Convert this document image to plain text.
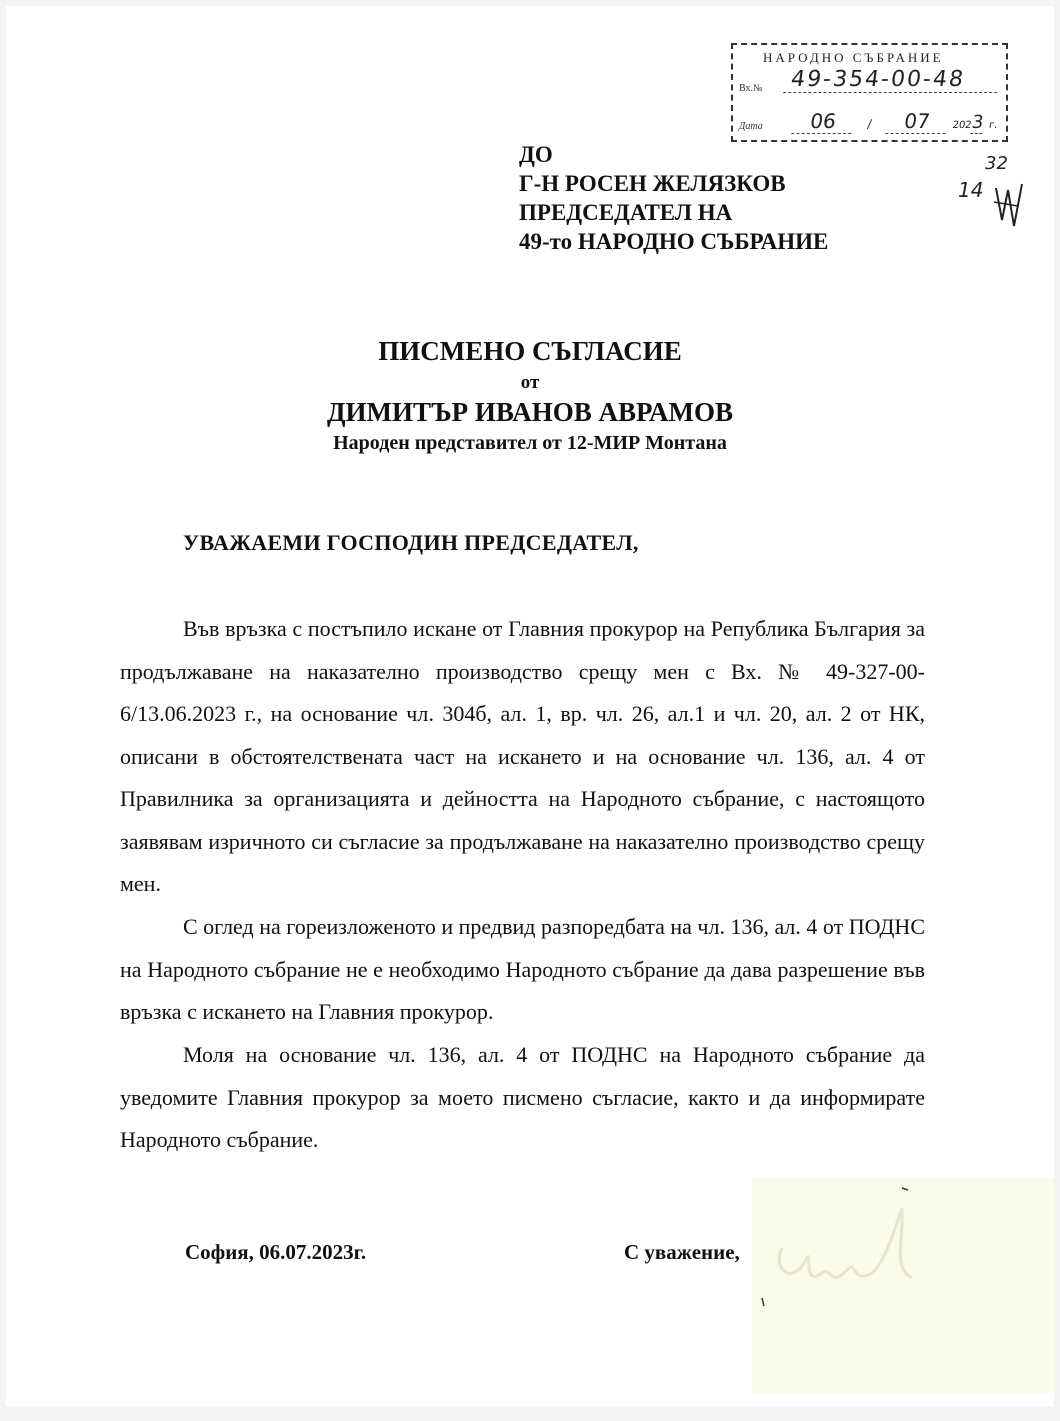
НАРОДНО СЪБРАНИЕ
Вх.№ 49-354-00-48
Дата	06 / 07 2023 г.
14
32
ДО
Г-Н РОСЕН ЖЕЛЯЗКОВ
ПРЕДСЕДАТЕЛ НА
49-то НАРОДНО СЪБРАНИЕ
ПИСМЕНО СЪГЛАСИЕ
от
ДИМИТЪР ИВАНОВ АВРАМОВ
Народен представител от 12-МИР Монтана
УВАЖАЕМИ ГОСПОДИН ПРЕДСЕДАТЕЛ,

Във връзка с постъпило искане от Главния прокурор на Република България за продължаване на наказателно производство срещу мен с Вх. № 49-327-00-6/13.06.2023 г., на основание чл. 304б, ал. 1, вр. чл. 26, ал.1 и чл. 20, ал. 2 от НК, описани в обстоятелствената част на искането и на основание чл. 136, ал. 4 от Правилника за организацията и дейността на Народното събрание, с настоящото заявявам изричното си съгласие за продължаване на наказателно производство срещу мен.

С оглед на гореизложеното и предвид разпоредбата на чл. 136, ал. 4 от ПОДНС на Народното събрание не е необходимо Народното събрание да дава разрешение във връзка с искането на Главния прокурор.

Моля на основание чл. 136, ал. 4 от ПОДНС на Народното събрание да уведомите Главния прокурор за моето писмено съгласие, както и да информирате Народното събрание.

София, 06.07.2023г.	С уважение,
